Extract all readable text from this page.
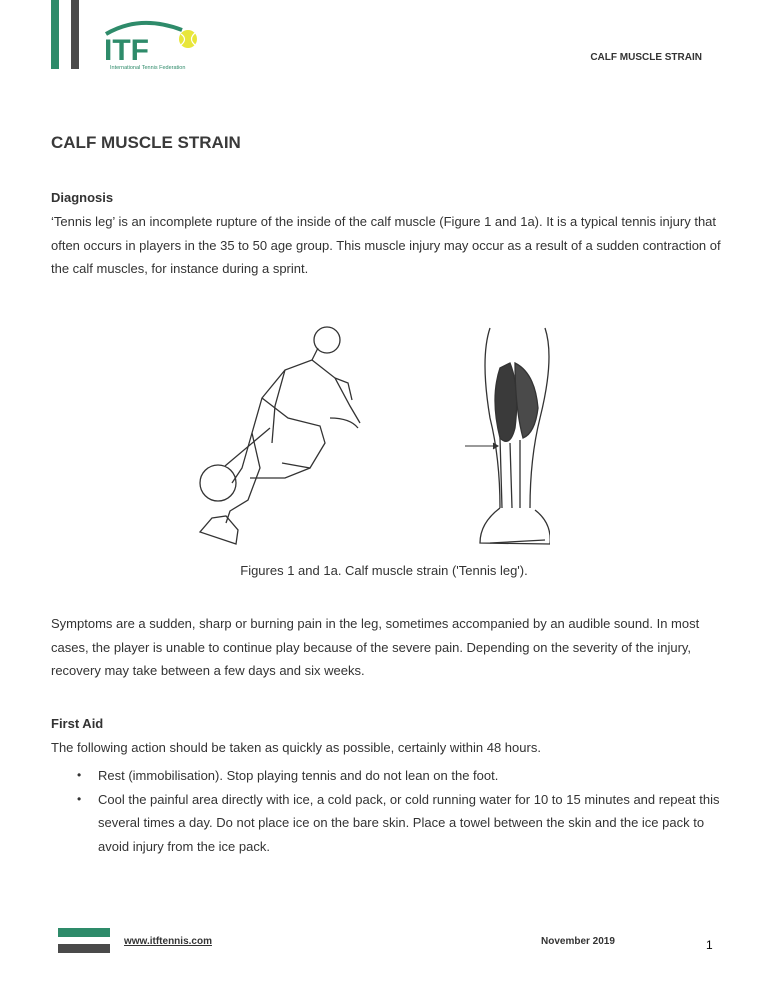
ITF
International Tennis Federation
CALF MUSCLE STRAIN
CALF MUSCLE STRAIN
Diagnosis
‘Tennis leg’ is an incomplete rupture of the inside of the calf muscle (Figure 1 and 1a). It is a typical tennis injury that often occurs in players in the 35 to 50 age group. This muscle injury may occur as a result of a sudden contraction of the calf muscles, for instance during a sprint.
Figures 1 and 1a. Calf muscle strain ('Tennis leg').
Symptoms are a sudden, sharp or burning pain in the leg, sometimes accompanied by an audible sound. In most cases, the player is unable to continue play because of the severe pain. Depending on the severity of the injury, recovery may take between a few days and six weeks.
First Aid
The following action should be taken as quickly as possible, certainly within 48 hours.
• Rest (immobilisation). Stop playing tennis and do not lean on the foot.
• Cool the painful area directly with ice, a cold pack, or cold running water for 10 to 15 minutes and repeat this several times a day. Do not place ice on the bare skin. Place a towel between the skin and the ice pack to avoid injury from the ice pack.
www.itftennis.com	November 2019	1
